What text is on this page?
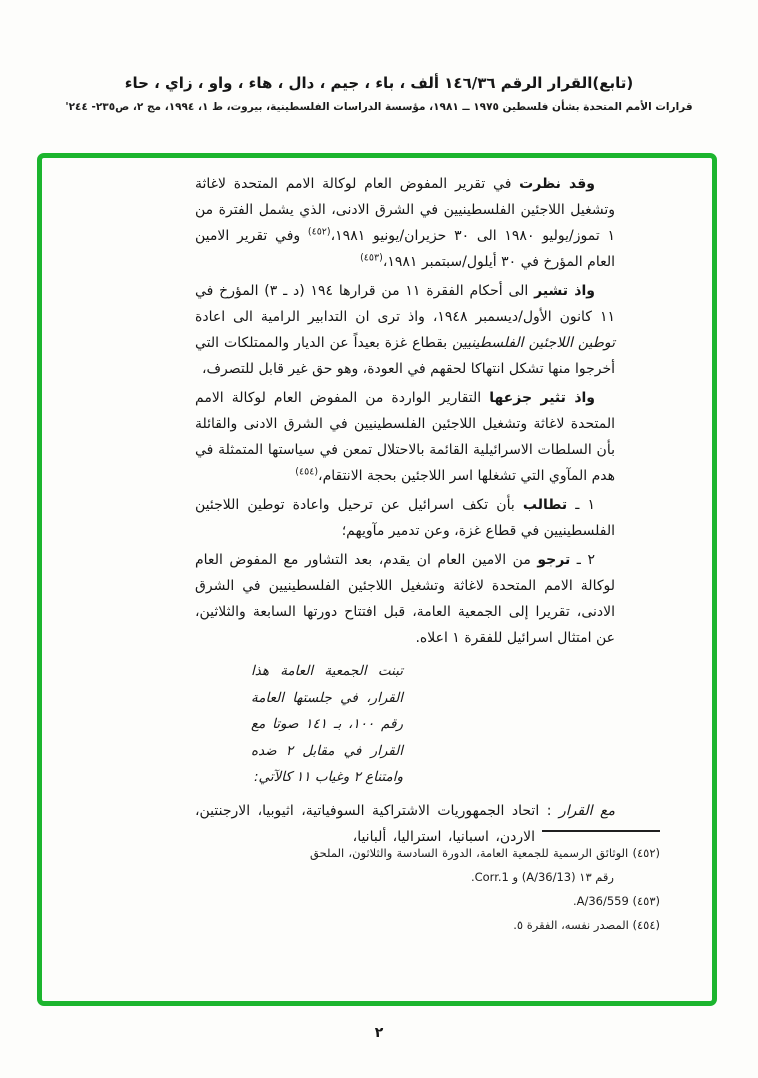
(تابع)القرار الرقم ١٤٦/٣٦ ألف ، باء ، جيم ، دال ، هاء ، واو ، زاي ، حاء
قرارات الأمم المتحدة بشأن فلسطين ١٩٧٥ ــ ١٩٨١، مؤسسة الدراسات الفلسطينية، بيروت، ط ١، ١٩٩٤، مج ٢، ص٢٣٥- ٢٤٤'

وقد نظرت في تقرير المفوض العام لوكالة الامم المتحدة لاغاثة وتشغيل اللاجئين الفلسطينيين في الشرق الادنى، الذي يشمل الفترة من ١ تموز/يوليو ١٩٨٠ الى ٣٠ حزيران/يونيو ١٩٨١،$^{(٤٥٢)}$ وفي تقرير الامين العام المؤرخ في ٣٠ أيلول/سبتمبر ١٩٨١،$^{(٤٥٣)}$

واذ تشير الى أحكام الفقرة ١١ من قرارها ١٩٤ (د ـ ٣) المؤرخ في ١١ كانون الأول/ديسمبر ١٩٤٨، واذ ترى ان التدابير الرامية الى اعادة توطين اللاجئين الفلسطينيين بقطاع غزة بعيداً عن الديار والممتلكات التي أخرجوا منها تشكل انتهاكا لحقهم في العودة، وهو حق غير قابل للتصرف،

واذ تثير جزعها التقارير الواردة من المفوض العام لوكالة الامم المتحدة لاغاثة وتشغيل اللاجئين الفلسطينيين في الشرق الادنى والقائلة بأن السلطات الاسرائيلية القائمة بالاحتلال تمعن في سياستها المتمثلة في هدم المآوي التي تشغلها اسر اللاجئين بحجة الانتقام،$^{(٤٥٤)}$

١ ـ تطالب بأن تكف اسرائيل عن ترحيل واعادة توطين اللاجئين الفلسطينيين في قطاع غزة، وعن تدمير مآويهم؛

٢ ـ ترجو من الامين العام ان يقدم، بعد التشاور مع المفوض العام لوكالة الامم المتحدة لاغاثة وتشغيل اللاجئين الفلسطينيين في الشرق الادنى، تقريرا إلى الجمعية العامة، قبل افتتاح دورتها السابعة والثلاثين، عن امتثال اسرائيل للفقرة ١ اعلاه.

تبنت الجمعية العامة هذا القرار، في جلستها العامة رقم ١٠٠، بـ ١٤١ صوتا مع القرار في مقابل ٢ ضده وامتناع ٢ وغياب ١١ كالآتي:
مع القرار : اتحاد الجمهوريات الاشتراكية السوفياتية، اثيوبيا، الارجنتين، الاردن، اسبانيا، استراليا، ألبانيا،
(٤٥٢) الوثائق الرسمية للجمعية العامة، الدورة السادسة والثلاثون، الملحق رقم ١٣ (A/36/13) و Corr.1.
(٤٥٣) A/36/559.
(٤٥٤) المصدر نفسه، الفقرة ٥.
٢
